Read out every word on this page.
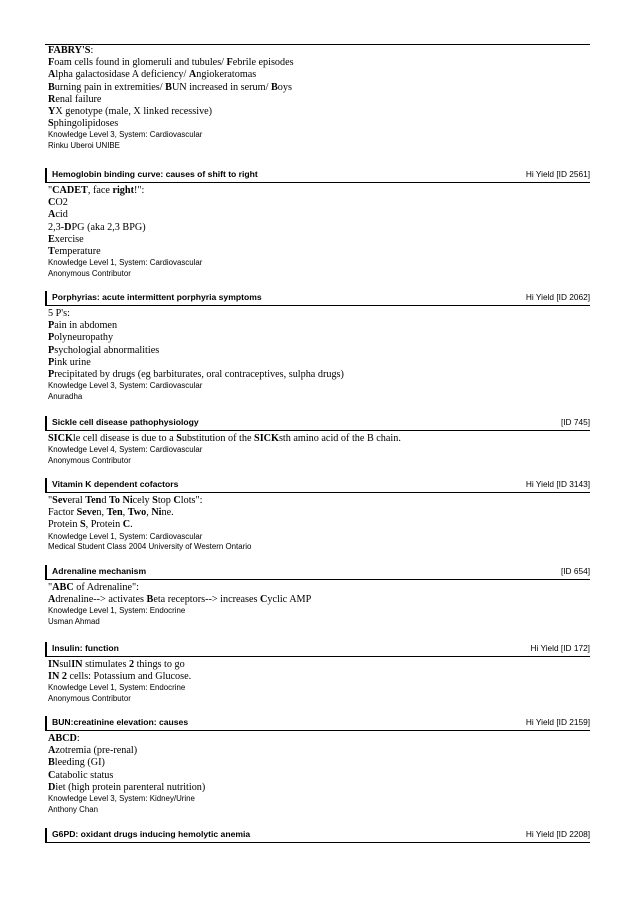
FABRY'S:
Foam cells found in glomeruli and tubules/ Febrile episodes
Alpha galactosidase A deficiency/ Angiokeratomas
Burning pain in extremities/ BUN increased in serum/ Boys
Renal failure
YX genotype (male, X linked recessive)
Sphingolipidoses
Knowledge Level 3, System: Cardiovascular
Rinku Uberoi UNIBE
Hemoglobin binding curve: causes of shift to right	Hi Yield [ID 2561]
"CADET, face right!":
CO2
Acid
2,3-DPG (aka 2,3 BPG)
Exercise
Temperature
Knowledge Level 1, System: Cardiovascular
Anonymous Contributor
Porphyrias: acute intermittent porphyria symptoms	Hi Yield [ID 2062]
5 P's:
Pain in abdomen
Polyneuropathy
Psychologial abnormalities
Pink urine
Precipitated by drugs (eg barbiturates, oral contraceptives, sulpha drugs)
Knowledge Level 3, System: Cardiovascular
Anuradha
Sickle cell disease pathophysiology	[ID 745]
SICKle cell disease is due to a Substitution of the SICKsth amino acid of the B chain.
Knowledge Level 4, System: Cardiovascular
Anonymous Contributor
Vitamin K dependent cofactors	Hi Yield [ID 3143]
"Several Tend To Nicely Stop Clots":
Factor Seven, Ten, Two, Nine.
Protein S, Protein C.
Knowledge Level 1, System: Cardiovascular
Medical Student Class 2004 University of Western Ontario
Adrenaline mechanism	[ID 654]
"ABC of Adrenaline":
Adrenaline--> activates Beta receptors--> increases Cyclic AMP
Knowledge Level 1, System: Endocrine
Usman Ahmad
Insulin: function	Hi Yield [ID 172]
INsulIN stimulates 2 things to go
IN 2 cells: Potassium and Glucose.
Knowledge Level 1, System: Endocrine
Anonymous Contributor
BUN:creatinine elevation: causes	Hi Yield [ID 2159]
ABCD:
Azotremia (pre-renal)
Bleeding (GI)
Catabolic status
Diet (high protein parenteral nutrition)
Knowledge Level 3, System: Kidney/Urine
Anthony Chan
G6PD: oxidant drugs inducing hemolytic anemia	Hi Yield [ID 2208]
